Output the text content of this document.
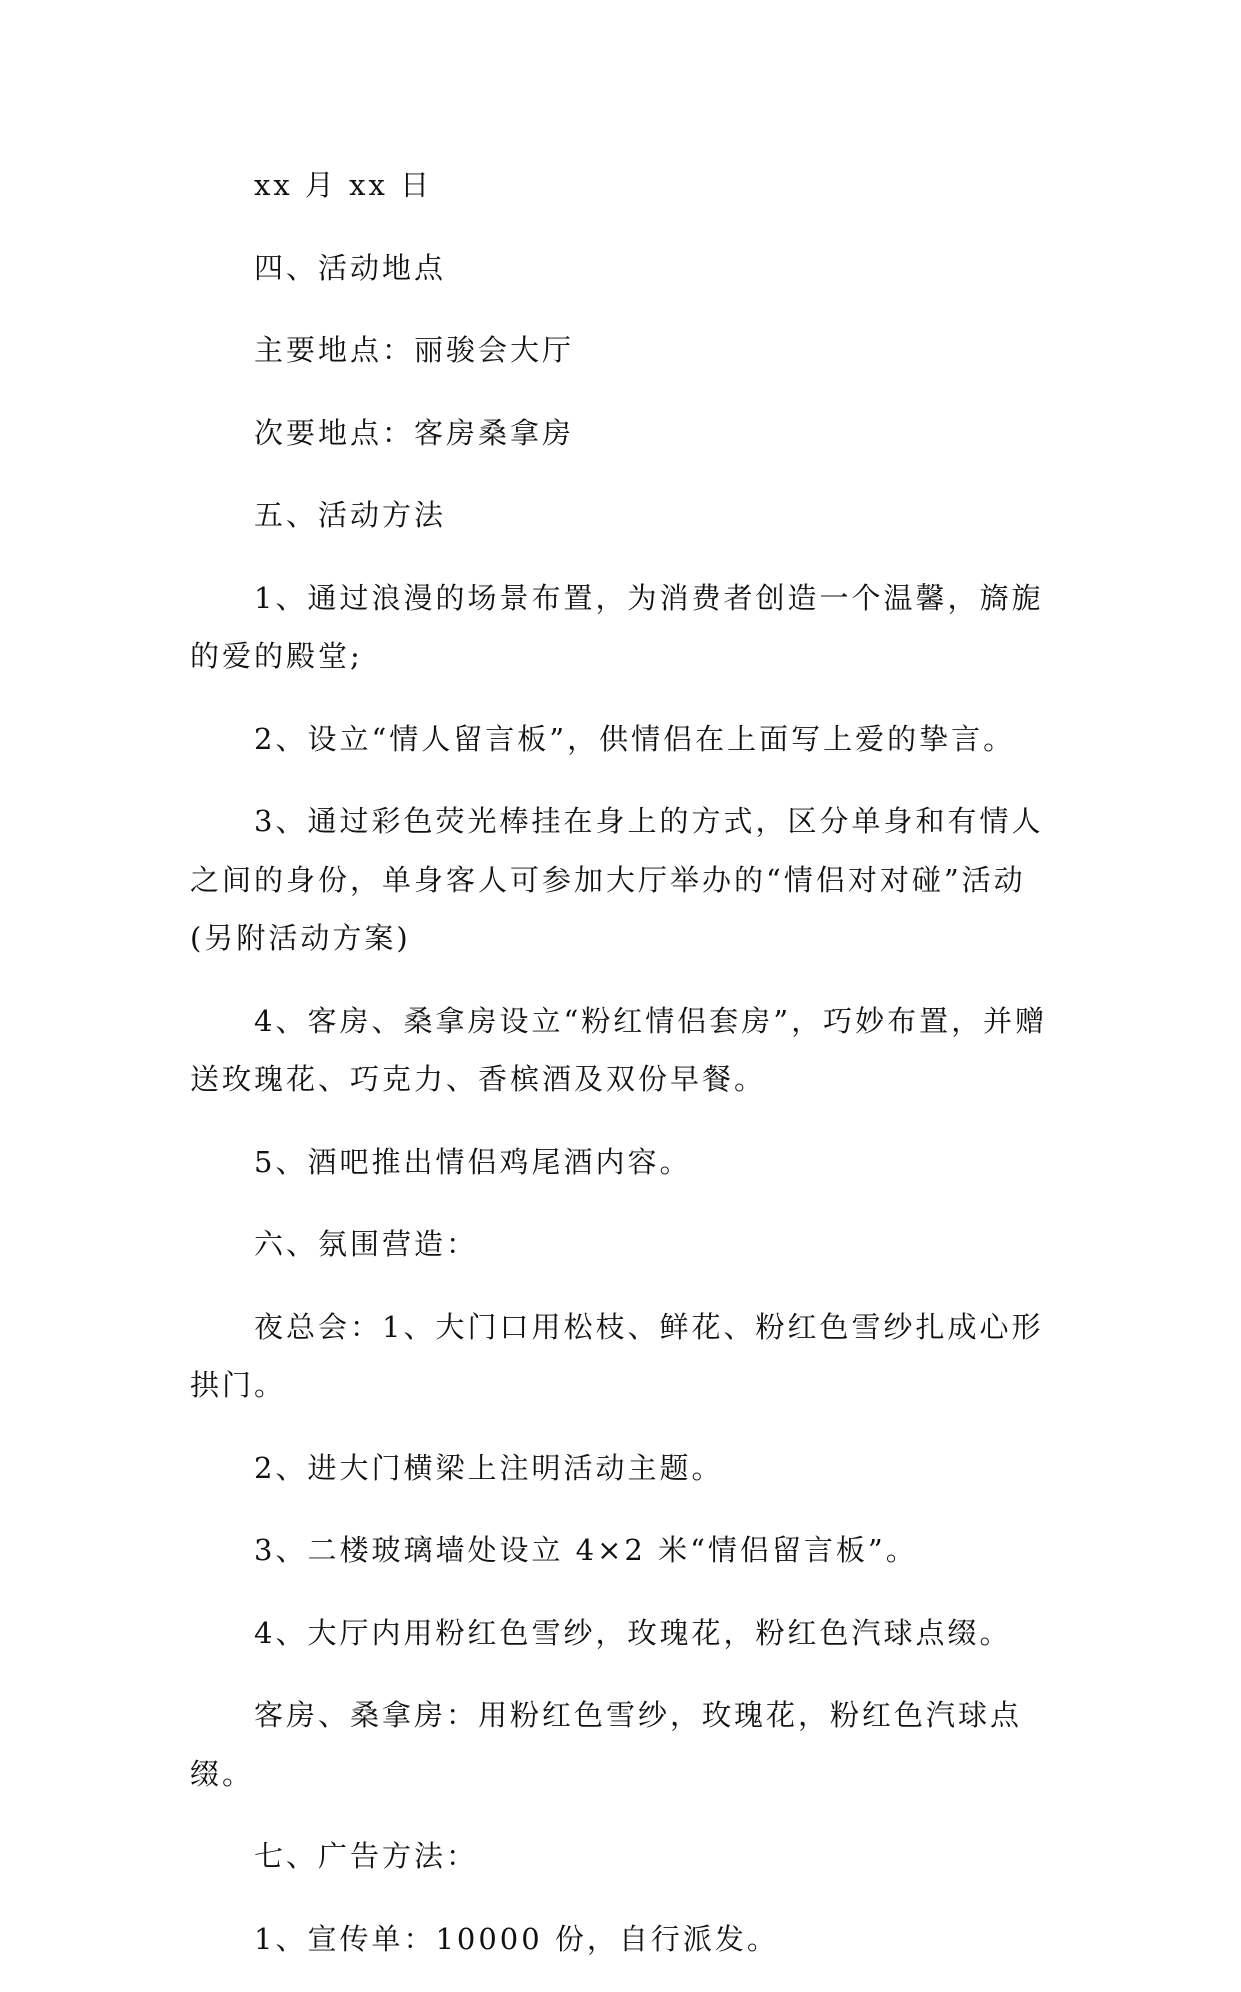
xx 月 xx 日

四、活动地点

主要地点：丽骏会大厅

次要地点：客房桑拿房

五、活动方法

1、通过浪漫的场景布置，为消费者创造一个温馨，旖旎的爱的殿堂;

2、设立“情人留言板”，供情侣在上面写上爱的挚言。

3、通过彩色荧光棒挂在身上的方式，区分单身和有情人之间的身份，单身客人可参加大厅举办的“情侣对对碰”活动(另附活动方案)

4、客房、桑拿房设立“粉红情侣套房”，巧妙布置，并赠送玫瑰花、巧克力、香槟酒及双份早餐。

5、酒吧推出情侣鸡尾酒内容。

六、氛围营造：

夜总会：1、大门口用松枝、鲜花、粉红色雪纱扎成心形拱门。

2、进大门横梁上注明活动主题。

3、二楼玻璃墙处设立 4×2 米“情侣留言板”。

4、大厅内用粉红色雪纱，玫瑰花，粉红色汽球点缀。

客房、桑拿房：用粉红色雪纱，玫瑰花，粉红色汽球点缀。

七、广告方法：

1、宣传单：10000 份，自行派发。
